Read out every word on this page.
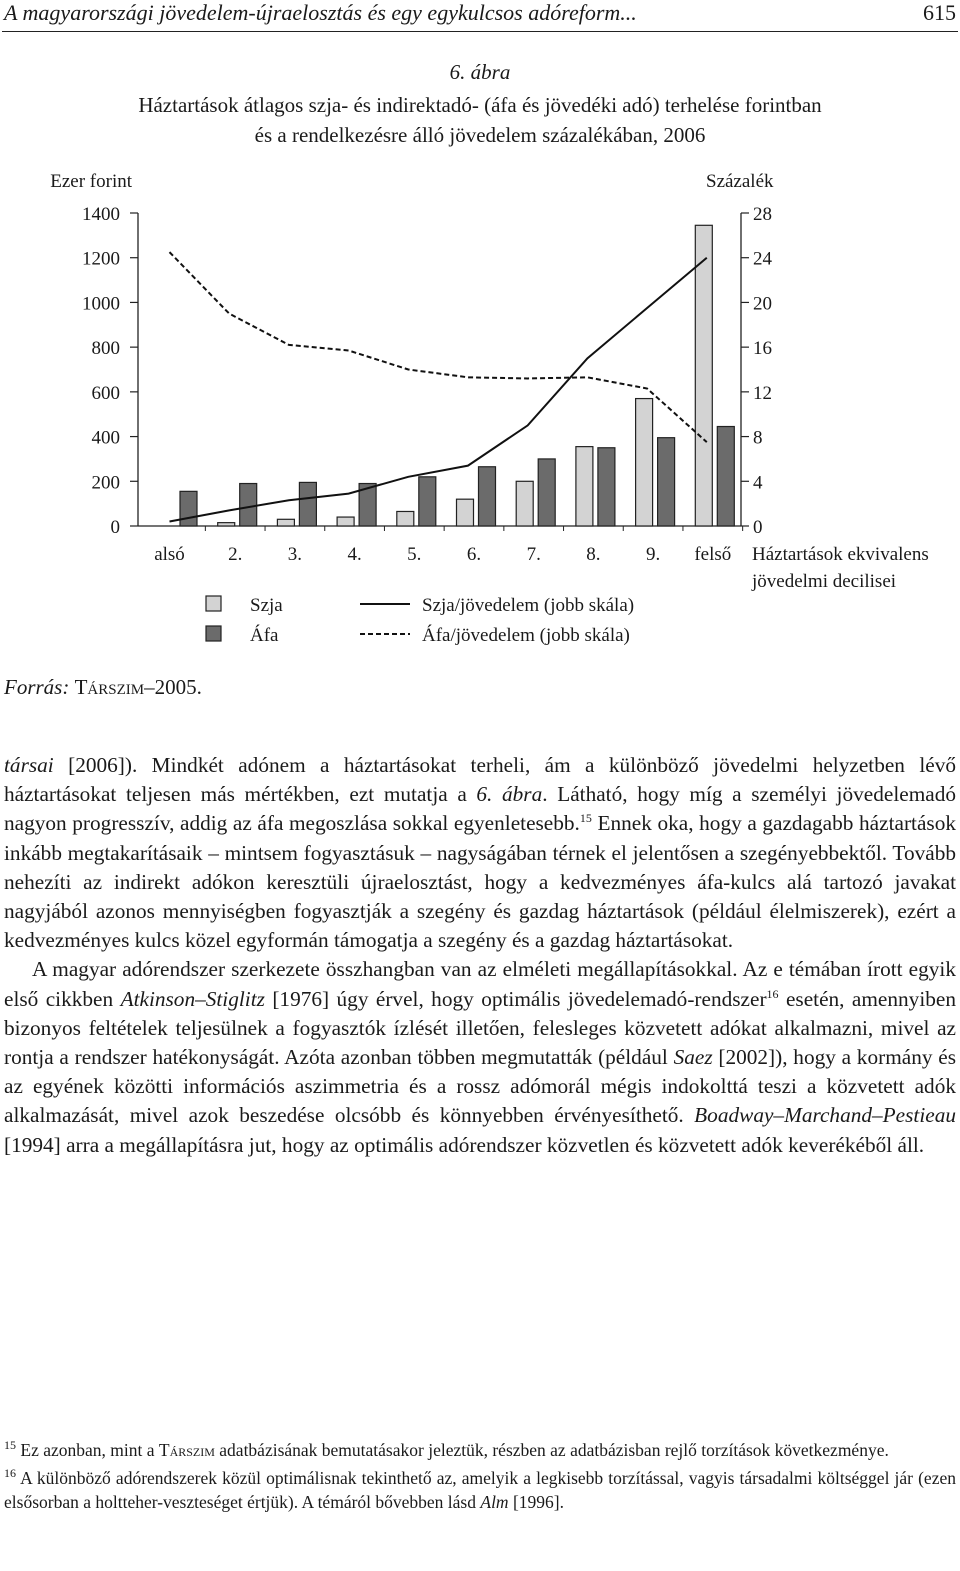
A magyarországi jövedelem-újraelosztás és egy egykulcsos adóreform...	615
6. ábra
Háztartások átlagos szja- és indirektadó- (áfa és jövedéki adó) terhelése forintban
és a rendelkezésre álló jövedelem százalékában, 2006
Ezer forint	Százalék
0
200
400
600
800
1000
1200
1400
0
4
8
12
16
20
24
28
alsó 2. 3. 4. 5. 6. 7. 8. 9. felső Háztartások ekvivalens
jövedelmi decilisei
Szja
Áfa
Szja/jövedelem (jobb skála)
Áfa/jövedelem (jobb skála)
Forrás: Társzim–2005.

társai [2006]). Mindkét adónem a háztartásokat terheli, ám a különböző jövedelmi helyzetben lévő háztartásokat teljesen más mértékben, ezt mutatja a 6. ábra. Látható, hogy míg a személyi jövedelemadó nagyon progresszív, addig az áfa megoszlása sokkal egyenletesebb.$^{15}$ Ennek oka, hogy a gazdagabb háztartások inkább megtakarításaik – mintsem fogyasztásuk – nagyságában térnek el jelentősen a szegényebbektől. Tovább nehezíti az indirekt adókon keresztüli újraelosztást, hogy a kedvezményes áfa-kulcs alá tartozó javakat nagyjából azonos mennyiségben fogyasztják a szegény és gazdag háztartások (például élelmiszerek), ezért a kedvezményes kulcs közel egyformán támogatja a szegény és a gazdag háztartásokat.

A magyar adórendszer szerkezete összhangban van az elméleti megállapításokkal. Az e témában írott egyik első cikkben Atkinson–Stiglitz [1976] úgy érvel, hogy optimális jövedelemadó-rendszer$^{16}$ esetén, amennyiben bizonyos feltételek teljesülnek a fogyasztók ízlését illetően, felesleges közvetett adókat alkalmazni, mivel az rontja a rendszer hatékonyságát. Azóta azonban többen megmutatták (például Saez [2002]), hogy a kormány és az egyének közötti információs aszimmetria és a rossz adómorál mégis indokolttá teszi a közvetett adók alkalmazását, mivel azok beszedése olcsóbb és könnyebben érvényesíthető. Boadway–Marchand–Pestieau [1994] arra a megállapításra jut, hogy az optimális adórendszer közvetlen és közvetett adók keverékéből áll.

$^{15}$ Ez azonban, mint a Társzim adatbázisának bemutatásakor jeleztük, részben az adatbázisban rejlő torzítások következménye.

$^{16}$ A különböző adórendszerek közül optimálisnak tekinthető az, amelyik a legkisebb torzítással, vagyis társadalmi költséggel jár (ezen elsősorban a holtteher-veszteséget értjük). A témáról bővebben lásd Alm [1996].
